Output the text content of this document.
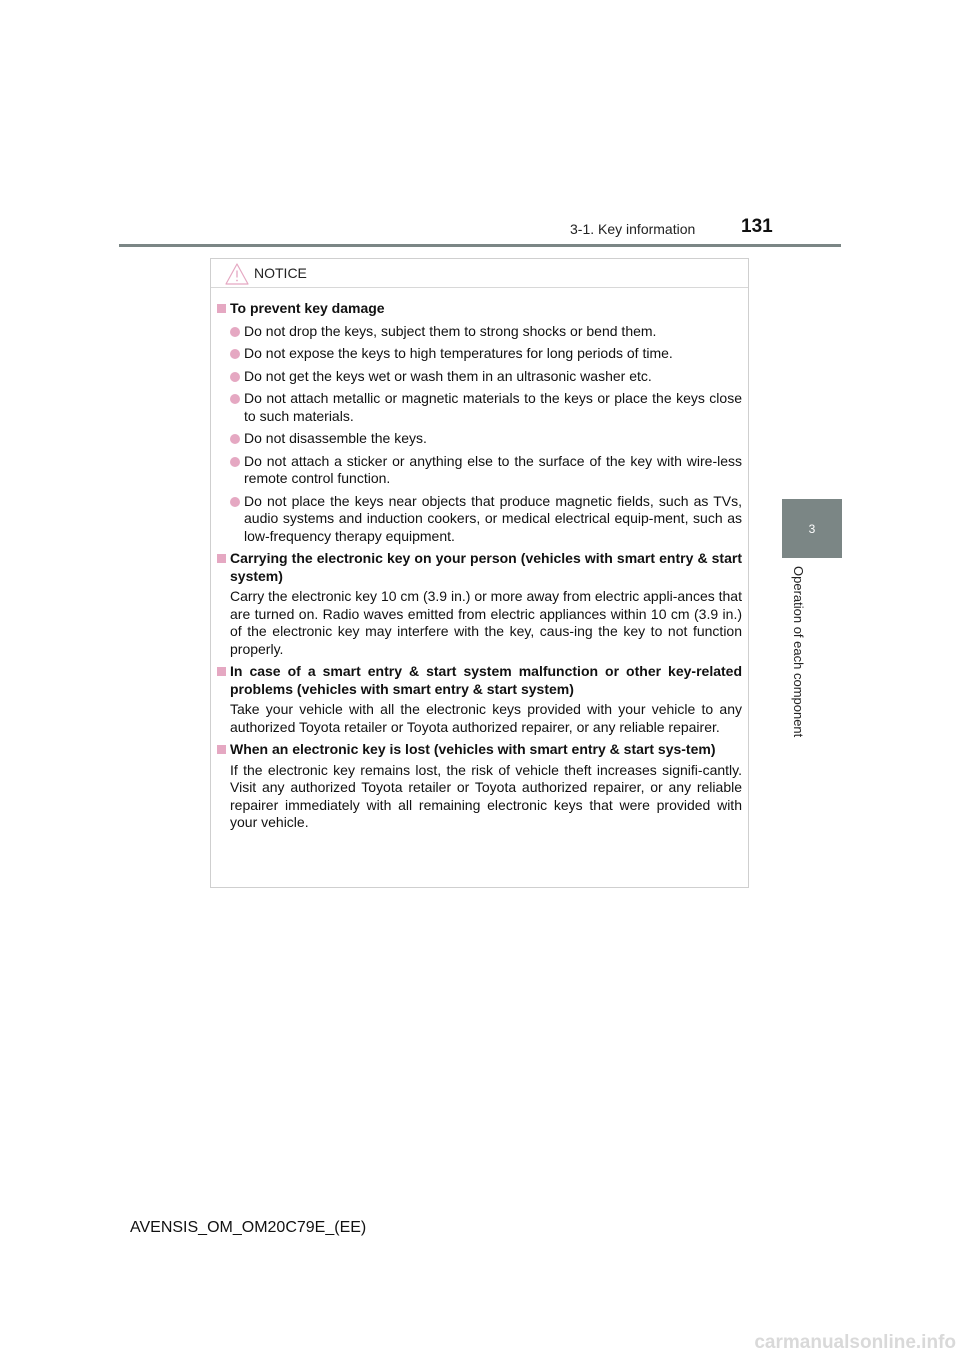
3-1. Key information 131
3
Operation of each component
NOTICE
To prevent key damage
Do not drop the keys, subject them to strong shocks or bend them.
Do not expose the keys to high temperatures for long periods of time.
Do not get the keys wet or wash them in an ultrasonic washer etc.
Do not attach metallic or magnetic materials to the keys or place the keys close to such materials.
Do not disassemble the keys.
Do not attach a sticker or anything else to the surface of the key with wire-less remote control function.
Do not place the keys near objects that produce magnetic fields, such as TVs, audio systems and induction cookers, or medical electrical equip-ment, such as low-frequency therapy equipment.
Carrying the electronic key on your person (vehicles with smart entry & start system)
Carry the electronic key 10 cm (3.9 in.) or more away from electric appli-ances that are turned on. Radio waves emitted from electric appliances within 10 cm (3.9 in.) of the electronic key may interfere with the key, caus-ing the key to not function properly.
In case of a smart entry & start system malfunction or other key-related problems (vehicles with smart entry & start system)
Take your vehicle with all the electronic keys provided with your vehicle to any authorized Toyota retailer or Toyota authorized repairer, or any reliable repairer.
When an electronic key is lost (vehicles with smart entry & start sys-tem)
If the electronic key remains lost, the risk of vehicle theft increases signifi-cantly. Visit any authorized Toyota retailer or Toyota authorized repairer, or any reliable repairer immediately with all remaining electronic keys that were provided with your vehicle.
AVENSIS_OM_OM20C79E_(EE)
carmanualsonline.info
